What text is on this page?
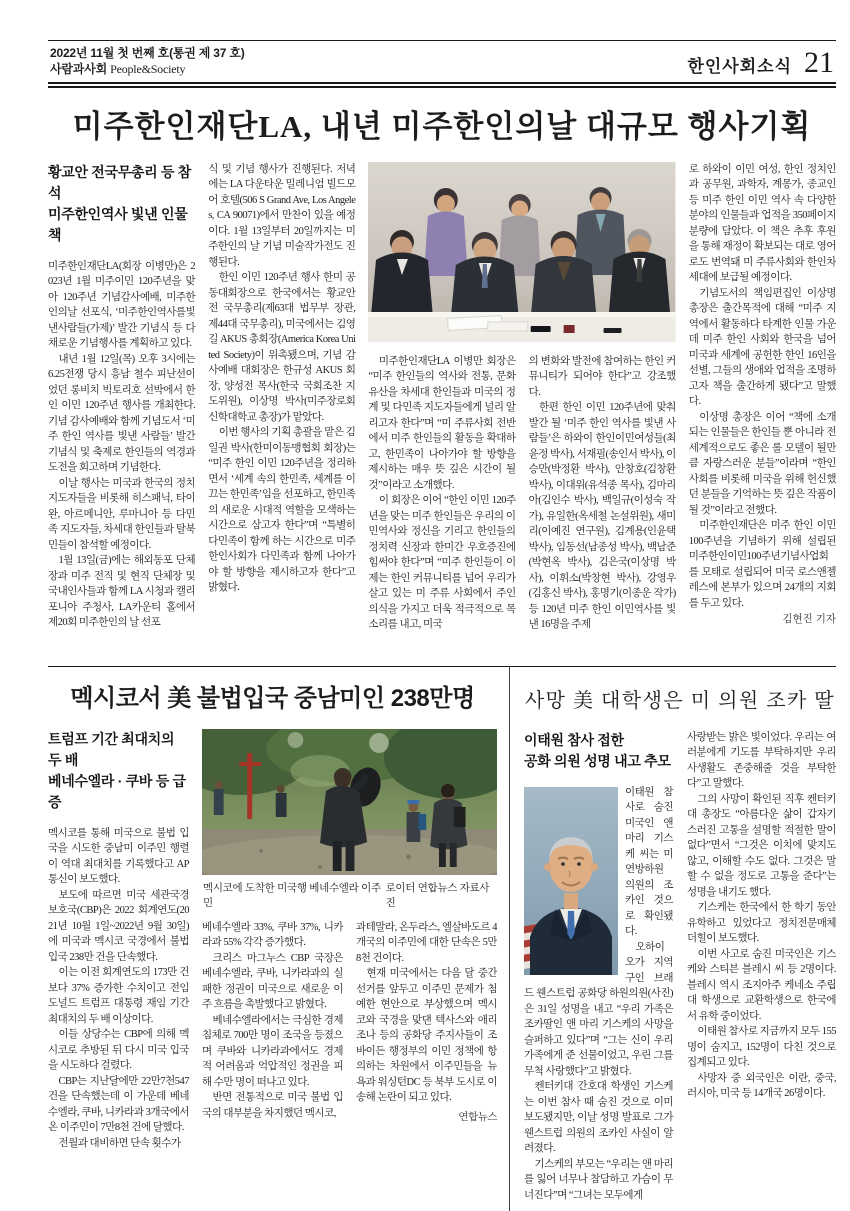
2022년 11월 첫 번째 호(통권 제 37 호)
사람과사회 People&Society	한인사회소식 21
미주한인재단LA, 내년 미주한인의날 대규모 행사기획
황교안 전국무총리 등 참석
미주한인역사 빛낸 인물책

미주한인재단LA(회장 이병만)은 2023년 1월 미주이민 120주년을 맞아 120주년 기념감사예배, 미주한인의날 선포식, ‘미주한인역사를빛낸사람들(가제)’ 발간 기념식 등 다채로운 기념행사를 계획하고 있다.

내년 1월 12일(목) 오후 3시에는 6.25전쟁 당시 흥남 철수 피난선이었던 롱비치 빅토리호 선박에서 한인 이민 120주년 행사를 개최한다. 기념 감사예배와 함께 기념도서 ‘미주 한인 역사를 빛낸 사람들’ 발간 기념식 및 축제로 한인들의 역경과 도전을 회고하며 기념한다.

이날 행사는 미국과 한국의 정치 지도자들을 비롯해 히스패닉, 타이완, 아르메니안, 루마니아 등 다민족 지도자들, 차세대 한인들과 탈북민들이 참석할 예정이다.

1월 13일(금)에는 해외동포 단체장과 미주 전직 및 현직 단체장 및 국내인사들과 함께 LA 시청과 캘리포니아 주청사, LA카운티 홀에서 제20회 미주한인의 날 선포

식 및 기념 행사가 진행된다. 저녁에는 LA 다운타운 밀레니엄 빌드모어 호텔(506 S Grand Ave, Los Angeles, CA 90071)에서 만찬이 있을 예정이다. 1월 13일부터 20일까지는 미주한인의 날 기념 미술작가전도 진행된다.

한인 이민 120주년 행사 한미 공동대회장으로 한국에서는 황교안 전 국무총리(제63대 법무부 장관, 제44대 국무총리), 미국에서는 김영길 AKUS 총회장(America Korea United Society)이 위촉됐으며, 기념 감사예배 대회장은 한규성 AKUS 회장, 양성전 목사(한국 국회조찬 지도위원), 이상명 박사(미주장로회신학대학교 총장)가 맡았다.

이번 행사의 기획 총괄을 맡은 김일권 박사(한미이동맹협회 회장)는 “미주 한인 이민 120주년을 정리하면서 ‘세계 속의 한민족, 세계를 이끄는 한민족’임을 선포하고, 한민족의 새로운 시대적 역할을 모색하는 시간으로 삼고자 한다”며 “특별히 다민족이 함께 하는 시간으로 미주 한인사회가 다민족과 함께 나아가야 할 방향을 제시하고자 한다”고 밝혔다.

미주한인재단LA 이병만 회장은 “미주 한인들의 역사와 전통, 문화유산을 차세대 한인들과 미국의 정계 및 다민족 지도자들에게 널리 알리고자 한다”며 “미 주류사회 전반에서 미주 한인들의 활동을 확대하고, 한민족이 나아가야 할 방향을 제시하는 매우 뜻 깊은 시간이 될 것”이라고 소개했다.

이 회장은 이어 “한인 이민 120주년을 맞는 미주 한인들은 우리의 이민역사와 정신을 기리고 한인들의 정치력 신장과 한미간 우호증진에 힘써야 한다”며 “미주 한인들이 이제는 한인 커뮤니티를 넘어 우리가 살고 있는 미 주류 사회에서 주인 의식을 가지고 더욱 적극적으로 목소리를 내고, 미국

의 변화와 발전에 참여하는 한인 커뮤니티가 되어야 한다”고 강조했다.

한편 한인 이민 120주년에 맞춰 발간 될 ‘미주 한인 역사를 빛낸 사람들’은 하와이 한인이민여성들(최윤정 박사), 서재필(송인서 박사), 이승만(박정환 박사), 안창호(김창환 박사), 이대위(유석종 목사), 김마리아(김인수 박사), 백일규(이성숙 작가), 유일한(옥세철 논설위원), 새미 리(이예진 연구원), 김계용(인윤택 박사), 임동선(남종성 박사), 백남준(박현옥 박사), 김은국(이상명 박사), 이휘소(박창현 박사), 강영우(김홍신 박사), 홍명기(이종운 작가) 등 120년 미주 한인 이민역사를 빛낸 16명을 주제

로 하와이 이민 여성, 한인 정치인과 공무원, 과학자, 계몽가, 종교인 등 미주 한인 이민 역사 속 다양한 분야의 인물들과 업적을 350페이지 분량에 담았다. 이 책은 추후 후원을 통해 재정이 확보되는 대로 영어로도 번역돼 미 주류사회와 한인차세대에 보급될 예정이다.

기념도서의 책임편집인 이상명 총장은 출간목적에 대해 “미주 지역에서 활동하다 타계한 인물 가운데 미주 한인 사회와 한국을 넘어 미국과 세계에 공헌한 한인 16인을 선별, 그들의 생애와 업적을 조명하고자 책을 출간하게 됐다”고 말했다.

이상명 총장은 이어 “책에 소개되는 인물들은 한인들 뿐 아니라 전세계적으로도 좋은 롤 모델이 될만큼 자랑스러운 분들”이라며 “한인 사회를 비롯해 미국을 위해 헌신했던 분들을 기억하는 뜻 깊은 작품이 될 것”이라고 전했다.

미주한인재단은 미주 한인 이민 100주년을 기념하기 위해 설립된 미주한인이민100주년기념사업회를 모태로 설립되어 미국 로스앤젤레스에 본부가 있으며 24개의 지회를 두고 있다.

김현진 기자
멕시코서 美 불법입국 중남미인 238만명
트럼프 기간 최대치의 두 배
베네수엘라 · 쿠바 등 급증

멕시코를 통해 미국으로 불법 입국을 시도한 중남미 이주민 행렬이 역대 최대치를 기록했다고 AP통신이 보도했다.

보도에 따르면 미국 세관국경보호국(CBP)은 2022 회계연도(2021년 10월 1일~2022년 9월 30일)에 미국과 멕시코 국경에서 불법 입국 238만 건을 단속했다.

이는 이전 회계연도의 173만 건보다 37% 증가한 수치이고 전임 도널드 트럼프 대통령 재임 기간 최대치의 두 배 이상이다.

이들 상당수는 CBP에 의해 멕시코로 추방된 뒤 다시 미국 입국을 시도하다 걸렸다.

CBP는 지난달에만 22만7천547건을 단속했는데 이 가운데 베네수엘라, 쿠바, 니카라과 3개국에서 온 이주민이 7만8천 건에 달했다.

전월과 대비하면 단속 횟수가

멕시코에 도착한 미국행 베네수엘라 이주민
로이터 연합뉴스 자료사진

베네수엘라 33%, 쿠바 37%, 니카라과 55% 각각 증가했다.

크리스 마그누스 CBP 국장은 베네수엘라, 쿠바, 니카라과의 실패한 정권이 미국으로 새로운 이주 흐름을 촉발했다고 밝혔다.

베네수엘라에서는 극심한 경제 침체로 700만 명이 조국을 등졌으며 쿠바와 니카라과에서도 경제적 어려움과 억압적인 정권을 피해 수만 명이 떠나고 있다.

반면 전통적으로 미국 불법 입국의 대부분을 차지했던 멕시코,

과테말라, 온두라스, 엘살바도르 4개국의 이주민에 대한 단속은 5만8천 건이다.

현재 미국에서는 다음 달 중간선거를 앞두고 이주민 문제가 첨예한 현안으로 부상했으며 멕시코와 국경을 맞댄 텍사스와 애리조나 등의 공화당 주지사들이 조 바이든 행정부의 이민 정책에 항의하는 차원에서 이주민들을 뉴욕과 워싱턴DC 등 북부 도시로 이송해 논란이 되고 있다.

연합뉴스

사망 美 대학생은 미 의원 조카 딸
이태원 참사 접한
공화 의원 성명 내고 추모

이태원 참사로 숨진 미국인 앤 마리 기스케 씨는 미 연방하원의원의 조카인 것으로 확인됐다.

오하이오가 지역구인 브래드 웬스트럽 공화당 하원의원(사진)은 31일 성명을 내고 “우리 가족은 조카딸인 앤 마리 기스케의 사망을 슬퍼하고 있다”며 “그는 신이 우리 가족에게 준 선물이었고, 우린 그를 무척 사랑했다”고 밝혔다.

켄터키대 간호대 학생인 기스케는 이번 참사 때 숨진 것으로 이미 보도됐지만, 이날 성명 발표로 그가 웬스트럽 의원의 조카인 사실이 알려졌다.

기스케의 부모는 “우리는 앤 마리를 잃어 너무나 참담하고 가슴이 무너진다”며 “그녀는 모두에게

사랑받는 밝은 빛이었다. 우리는 여러분에게 기도를 부탁하지만 우리 사생활도 존중해줄 것을 부탁한다”고 말했다.

그의 사망이 확인된 직후 켄터키대 총장도 “아름다운 삶이 갑자기 스러진 고통을 설명할 적절한 말이 없다”면서 “그것은 이치에 맞지도 않고, 이해할 수도 없다. 그것은 말할 수 없을 정도로 고통을 준다”는 성명을 내기도 했다.

기스케는 한국에서 한 학기 동안 유학하고 있었다고 정치전문매체 더힐이 보도했다.

이번 사고로 숨진 미국인은 기스케와 스티븐 블레시 씨 등 2명이다. 블레시 역시 조지아주 케네소 주립대 학생으로 교환학생으로 한국에서 유학 중이었다.

이태원 참사로 지금까지 모두 155명이 숨지고, 152명이 다친 것으로 집계되고 있다.

사망자 중 외국인은 이란, 중국, 러시아, 미국 등 14개국 26명이다.
